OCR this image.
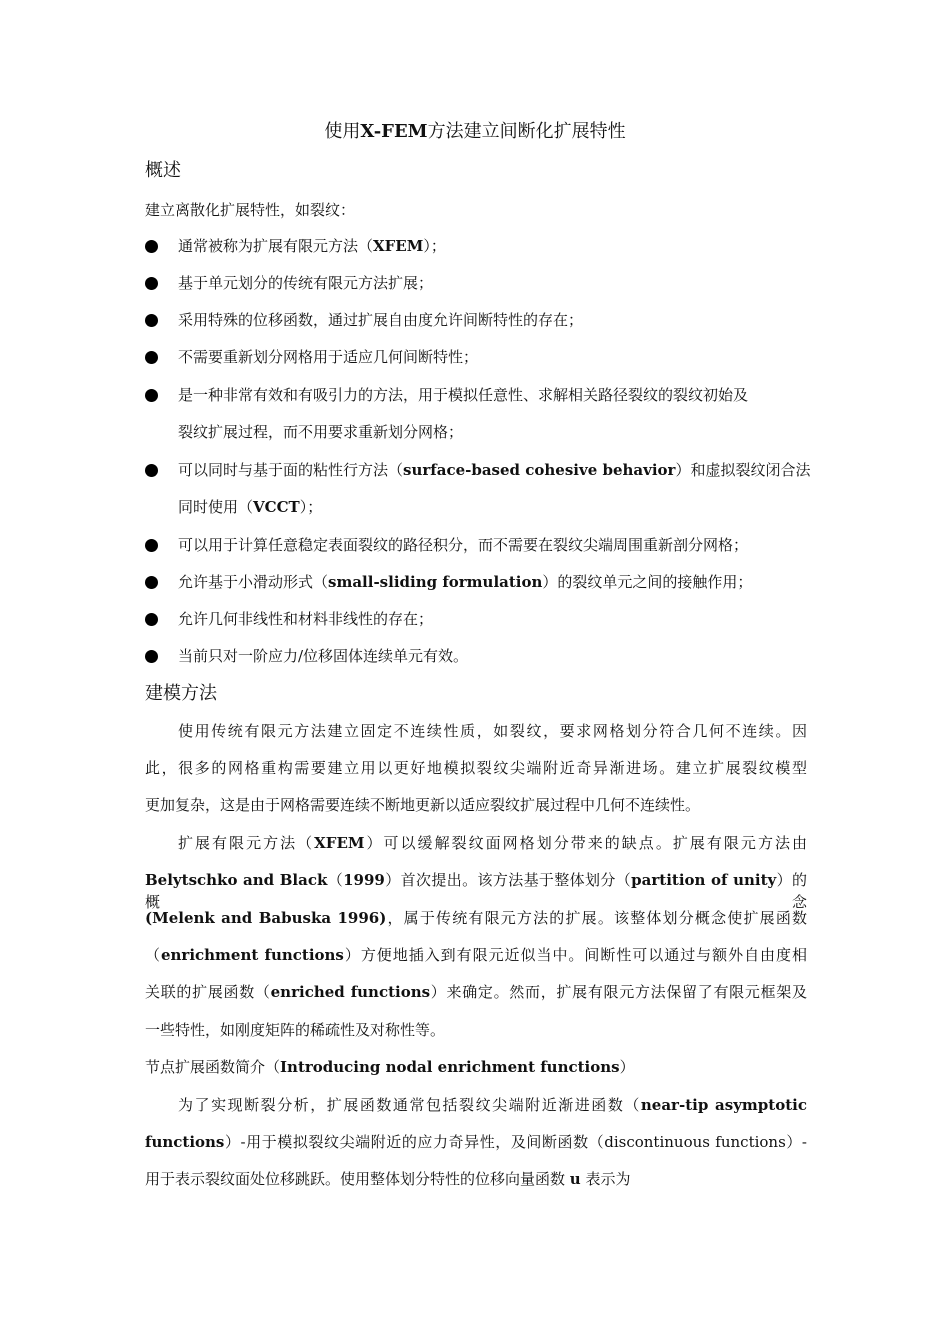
使用X-FEM方法建立间断化扩展特性
概述
建立离散化扩展特性，如裂纹：
通常被称为扩展有限元方法（XFEM）；
基于单元划分的传统有限元方法扩展；
采用特殊的位移函数，通过扩展自由度允许间断特性的存在；
不需要重新划分网格用于适应几何间断特性；
是一种非常有效和有吸引力的方法，用于模拟任意性、求解相关路径裂纹的裂纹初始及
裂纹扩展过程，而不用要求重新划分网格；
可以同时与基于面的粘性行方法（surface-based cohesive behavior）和虚拟裂纹闭合法
同时使用（VCCT）；
可以用于计算任意稳定表面裂纹的路径积分，而不需要在裂纹尖端周围重新剖分网格；
允许基于小滑动形式（small-sliding formulation）的裂纹单元之间的接触作用；
允许几何非线性和材料非线性的存在；
当前只对一阶应力/位移固体连续单元有效。
建模方法
使用传统有限元方法建立固定不连续性质，如裂纹，要求网格划分符合几何不连续。因
此，很多的网格重构需要建立用以更好地模拟裂纹尖端附近奇异渐进场。建立扩展裂纹模型
更加复杂，这是由于网格需要连续不断地更新以适应裂纹扩展过程中几何不连续性。
扩展有限元方法（XFEM）可以缓解裂纹面网格划分带来的缺点。扩展有限元方法由
Belytschko and Black（1999）首次提出。该方法基于整体划分（partition of unity）的概念
(Melenk and Babuska 1996)，属于传统有限元方法的扩展。该整体划分概念使扩展函数
（enrichment functions）方便地插入到有限元近似当中。间断性可以通过与额外自由度相
关联的扩展函数（enriched functions）来确定。然而，扩展有限元方法保留了有限元框架及
一些特性，如刚度矩阵的稀疏性及对称性等。
节点扩展函数简介（Introducing nodal enrichment functions）
为了实现断裂分析，扩展函数通常包括裂纹尖端附近渐进函数（near-tip asymptotic
functions）-用于模拟裂纹尖端附近的应力奇异性，及间断函数（discontinuous functions）-
用于表示裂纹面处位移跳跃。使用整体划分特性的位移向量函数 u 表示为
